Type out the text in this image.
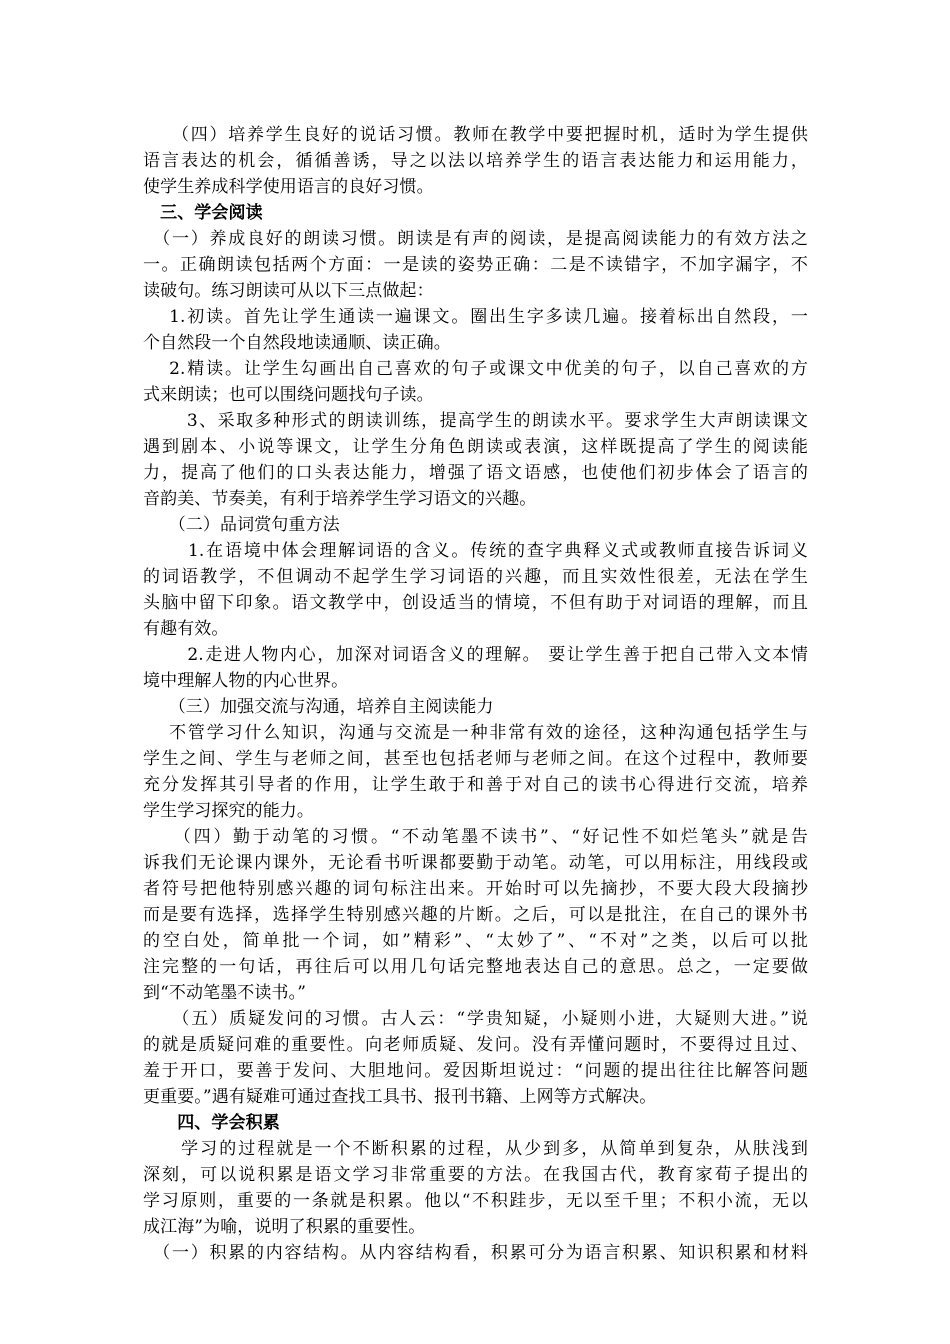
　　（四）培养学生良好的说话习惯。教师在教学中要把握时机，适时为学生提供
语言表达的机会，循循善诱，导之以法以培养学生的语言表达能力和运用能力，
使学生养成科学使用语言的良好习惯。

　三、学会阅读

　（一）养成良好的朗读习惯。朗读是有声的阅读，是提高阅读能力的有效方法之
一。正确朗读包括两个方面：一是读的姿势正确：二是不读错字，不加字漏字，不
读破句。练习朗读可从以下三点做起：

　 1.初读。首先让学生通读一遍课文。圈出生字多读几遍。接着标出自然段，一
个自然段一个自然段地读通顺、读正确。

　 2.精读。让学生勾画出自己喜欢的句子或课文中优美的句子，以自己喜欢的方
式来朗读；也可以围绕问题找句子读。

　　 3、采取多种形式的朗读训练，提高学生的朗读水平。要求学生大声朗读课文
遇到剧本、小说等课文，让学生分角色朗读或表演，这样既提高了学生的阅读能
力，提高了他们的口头表达能力，增强了语文语感，也使他们初步体会了语言的
音韵美、节奏美，有利于培养学生学习语文的兴趣。

　　（二）品词赏句重方法

　　 1.在语境中体会理解词语的含义。传统的查字典释义式或教师直接告诉词义
的词语教学，不但调动不起学生学习词语的兴趣，而且实效性很差，无法在学生
头脑中留下印象。语文教学中，创设适当的情境，不但有助于对词语的理解，而且
有趣有效。

　　 2.走进人物内心，加深对词语含义的理解。 要让学生善于把自己带入文本情
境中理解人物的内心世界。

　　（三）加强交流与沟通，培养自主阅读能力

　 不管学习什么知识，沟通与交流是一种非常有效的途径，这种沟通包括学生与
学生之间、学生与老师之间，甚至也包括老师与老师之间。在这个过程中，教师要
充分发挥其引导者的作用，让学生敢于和善于对自己的读书心得进行交流，培养
学生学习探究的能力。

　　（四）勤于动笔的习惯。“不动笔墨不读书”、“好记性不如烂笔头”就是告
诉我们无论课内课外，无论看书听课都要勤于动笔。动笔，可以用标注，用线段或
者符号把他特别感兴趣的词句标注出来。开始时可以先摘抄，不要大段大段摘抄
而是要有选择，选择学生特别感兴趣的片断。之后，可以是批注，在自己的课外书
的空白处，简单批一个词，如”精彩”、“太妙了”、“不对”之类，以后可以批
注完整的一句话，再往后可以用几句话完整地表达自己的意思。总之，一定要做
到“不动笔墨不读书。”

　　（五）质疑发问的习惯。古人云：“学贵知疑，小疑则小进，大疑则大进。”说
的就是质疑问难的重要性。向老师质疑、发问。没有弄懂问题时，不要得过且过、
羞于开口，要善于发问、大胆地问。爱因斯坦说过：“问题的提出往往比解答问题
更重要。”遇有疑难可通过查找工具书、报刊书籍、上网等方式解决。

　　四、学会积累

　　学习的过程就是一个不断积累的过程，从少到多，从简单到复杂，从肤浅到
深刻，可以说积累是语文学习非常重要的方法。在我国古代，教育家荀子提出的
学习原则，重要的一条就是积累。他以“不积跬步，无以至千里；不积小流，无以
成江海”为喻，说明了积累的重要性。

　（一）积累的内容结构。从内容结构看，积累可分为语言积累、知识积累和材料
